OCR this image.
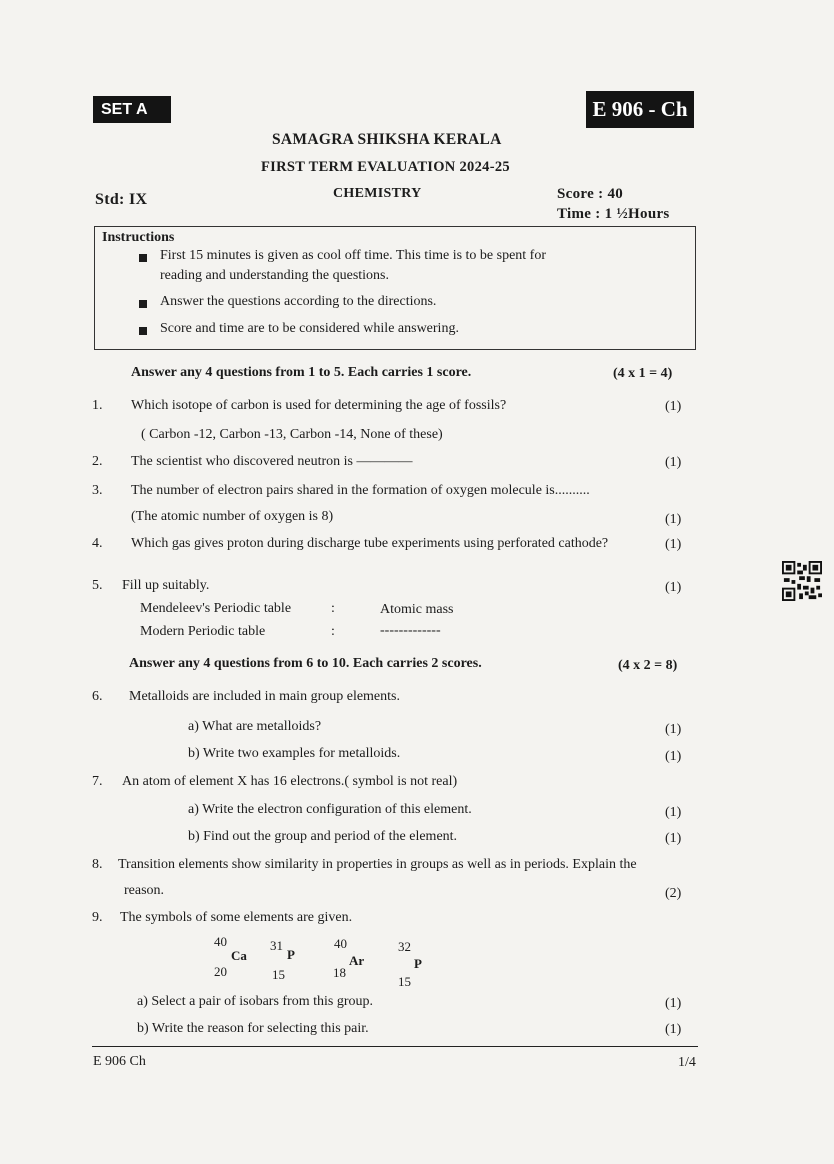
SET A	E 906 - Ch
SAMAGRA SHIKSHA KERALA
FIRST TERM EVALUATION 2024-25
Std: IX	CHEMISTRY	Score : 40
Time : 1 ½Hours
Instructions
First 15 minutes is given as cool off time. This time is to be spent for
reading and understanding the questions.
Answer the questions according to the directions.
Score and time are to be considered while answering.
Answer any 4 questions from 1 to 5. Each carries 1 score.	(4 x 1 = 4)
1. Which isotope of carbon is used for determining the age of fossils?	(1)
( Carbon -12, Carbon -13, Carbon -14, None of these)
2. The scientist who discovered neutron is ————	(1)
3. The number of electron pairs shared in the formation of oxygen molecule is..........
(The atomic number of oxygen is 8)	(1)
4. Which gas gives proton during discharge tube experiments using perforated cathode?	(1)
5. Fill up suitably.	(1)
Mendeleev's Periodic table	:	Atomic mass
Modern Periodic table	:	-------------
Answer any 4 questions from 6 to 10. Each carries 2 scores.	(4 x 2 = 8)
6. Metalloids are included in main group elements.
a) What are metalloids?	(1)
b) Write two examples for metalloids.	(1)
7. An atom of element X has 16 electrons.( symbol is not real)
a) Write the electron configuration of this element.	(1)
b) Find out the group and period of the element.	(1)
8. Transition elements show similarity in properties in groups as well as in periods. Explain the
reason.	(2)
9. The symbols of some elements are given.
40
Ca
20
31
P
15
40
Ar
18
32
P
15
a) Select a pair of isobars from this group.	(1)
b) Write the reason for selecting this pair.	(1)
E 906 Ch	1/4
